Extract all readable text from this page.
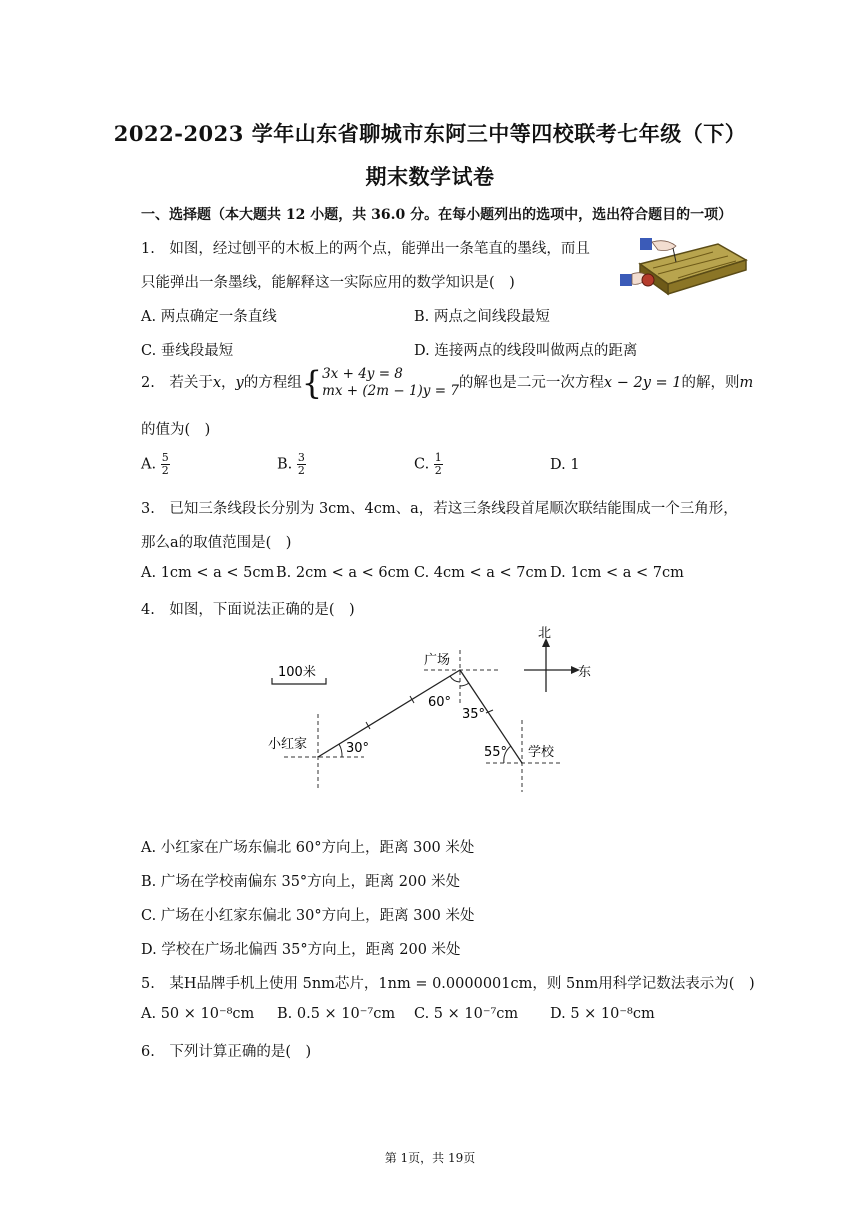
2022-2023 学年山东省聊城市东阿三中等四校联考七年级（下）
期末数学试卷
一、选择题（本大题共 12 小题，共 36.0 分。在每小题列出的选项中，选出符合题目的一项）
1.　如图，经过刨平的木板上的两个点，能弹出一条笔直的墨线，而且
只能弹出一条墨线，能解释这一实际应用的数学知识是(　)
A. 两点确定一条直线	B. 两点之间线段最短
C. 垂线段最短	D. 连接两点的线段叫做两点的距离
2.　若关于x，y的方程组{ 3x + 4y = 8
mx + (2m − 1)y = 7 的解也是二元一次方程x − 2y = 1的解，则m
的值为(　)
A. $\frac{5}{2}$	B. $\frac{3}{2}$	C. $\frac{1}{2}$	D. 1
3.　已知三条线段长分别为 3cm、4cm、a，若这三条线段首尾顺次联结能围成一个三角形，
那么a的取值范围是(　)
A. 1cm < a < 5cm B. 2cm < a < 6cm C. 4cm < a < 7cm D. 1cm < a < 7cm
4.　如图，下面说法正确的是(　)
100米
北
东
广场
小红家
学校
30°
60°
35°
55°
A. 小红家在广场东偏北 60°方向上，距离 300 米处
B. 广场在学校南偏东 35°方向上，距离 200 米处
C. 广场在小红家东偏北 30°方向上，距离 300 米处
D. 学校在广场北偏西 35°方向上，距离 200 米处
5.　某H品牌手机上使用 5nm芯片，1nm = 0.0000001cm，则 5nm用科学记数法表示为(　)
A. 50 × 10⁻⁸cm B. 0.5 × 10⁻⁷cm C. 5 × 10⁻⁷cm D. 5 × 10⁻⁸cm
6.　下列计算正确的是(　)
第 1页，共 19页
